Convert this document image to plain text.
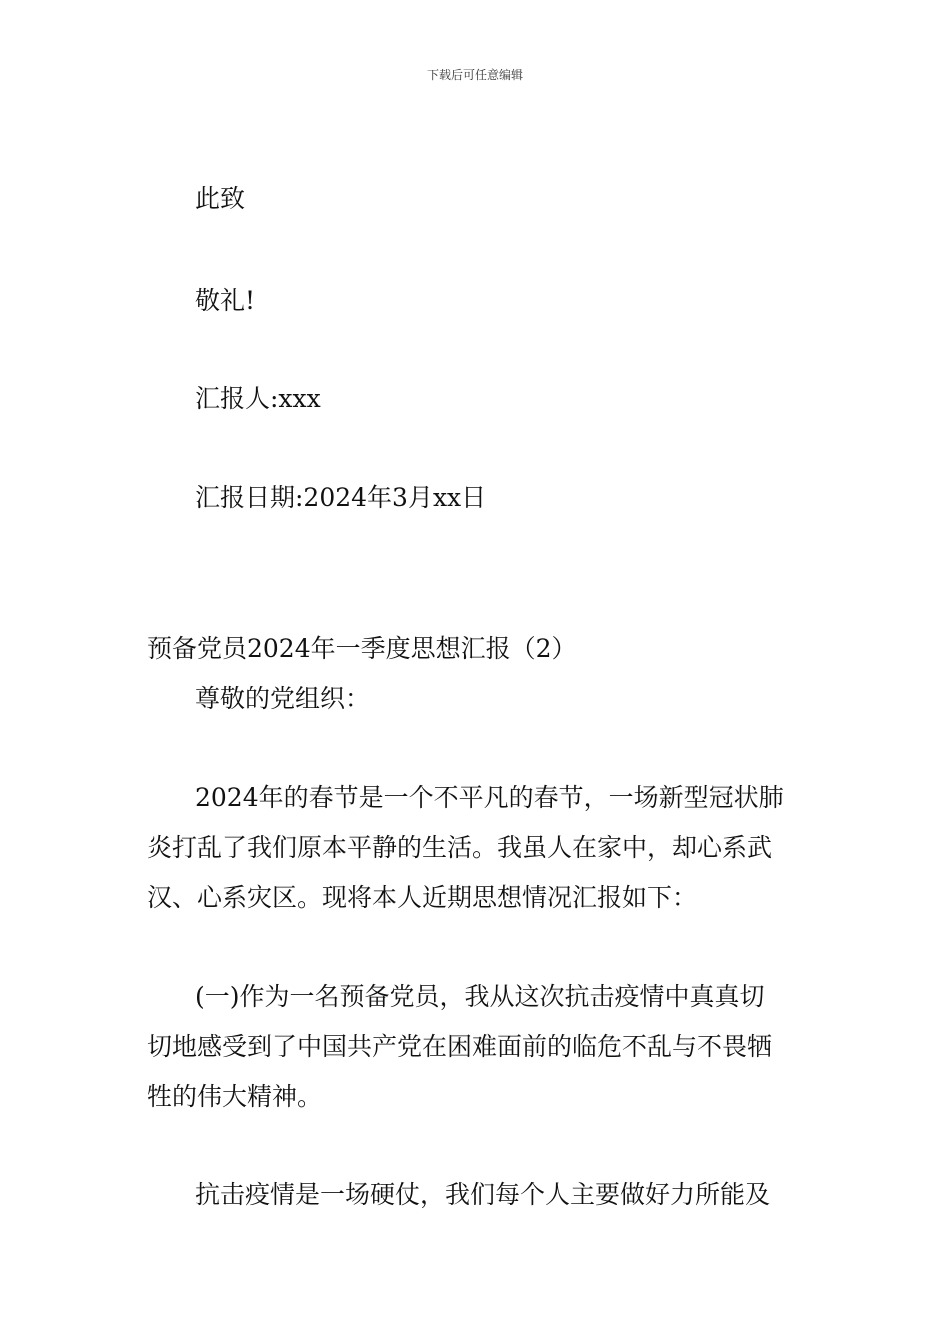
下载后可任意编辑
此致
敬礼!
汇报人:xxx
汇报日期:2024年3月xx日
预备党员2024年一季度思想汇报（2）
尊敬的党组织：
2024年的春节是一个不平凡的春节，一场新型冠状肺
炎打乱了我们原本平静的生活。我虽人在家中，却心系武
汉、心系灾区。现将本人近期思想情况汇报如下：
(一)作为一名预备党员，我从这次抗击疫情中真真切
切地感受到了中国共产党在困难面前的临危不乱与不畏牺
牲的伟大精神。
抗击疫情是一场硬仗，我们每个人主要做好力所能及
